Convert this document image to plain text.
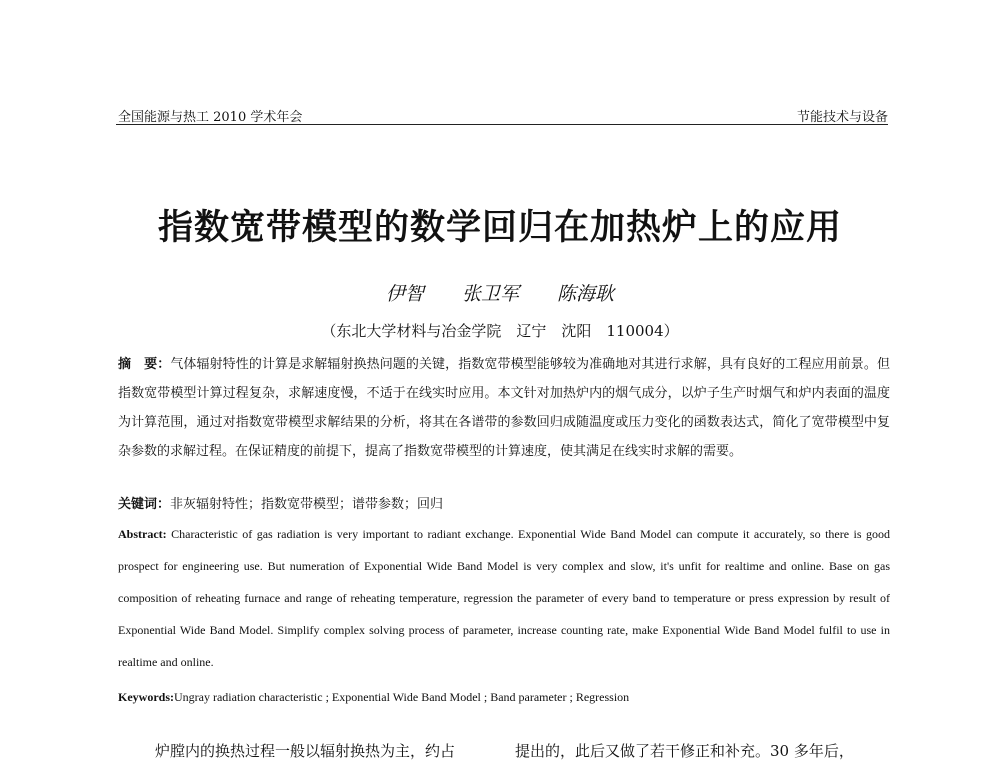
全国能源与热工 2010 学术年会	节能技术与设备
指数宽带模型的数学回归在加热炉上的应用
伊智 张卫军 陈海耿
（东北大学材料与冶金学院　辽宁　沈阳　110004）
摘　要：气体辐射特性的计算是求解辐射换热问题的关键，指数宽带模型能够较为准确地对其进行求解，具有良好的工程应用前景。但指数宽带模型计算过程复杂，求解速度慢，不适于在线实时应用。本文针对加热炉内的烟气成分，以炉子生产时烟气和炉内表面的温度为计算范围，通过对指数宽带模型求解结果的分析，将其在各谱带的参数回归成随温度或压力变化的函数表达式，简化了宽带模型中复杂参数的求解过程。在保证精度的前提下，提高了指数宽带模型的计算速度，使其满足在线实时求解的需要。
关键词：非灰辐射特性；指数宽带模型；谱带参数；回归
Abstract: Characteristic of gas radiation is very important to radiant exchange. Exponential Wide Band Model can compute it accurately, so there is good prospect for engineering use. But numeration of Exponential Wide Band Model is very complex and slow, it's unfit for realtime and online. Base on gas composition of reheating furnace and range of reheating temperature, regression the parameter of every band to temperature or press expression by result of Exponential Wide Band Model. Simplify complex solving process of parameter, increase counting rate, make Exponential Wide Band Model fulfil to use in realtime and online.
Keywords:Ungray radiation characteristic ; Exponential Wide Band Model ; Band parameter ; Regression
炉膛内的换热过程一般以辐射换热为主，约占	提出的，此后又做了若干修正和补充。30 多年后，
